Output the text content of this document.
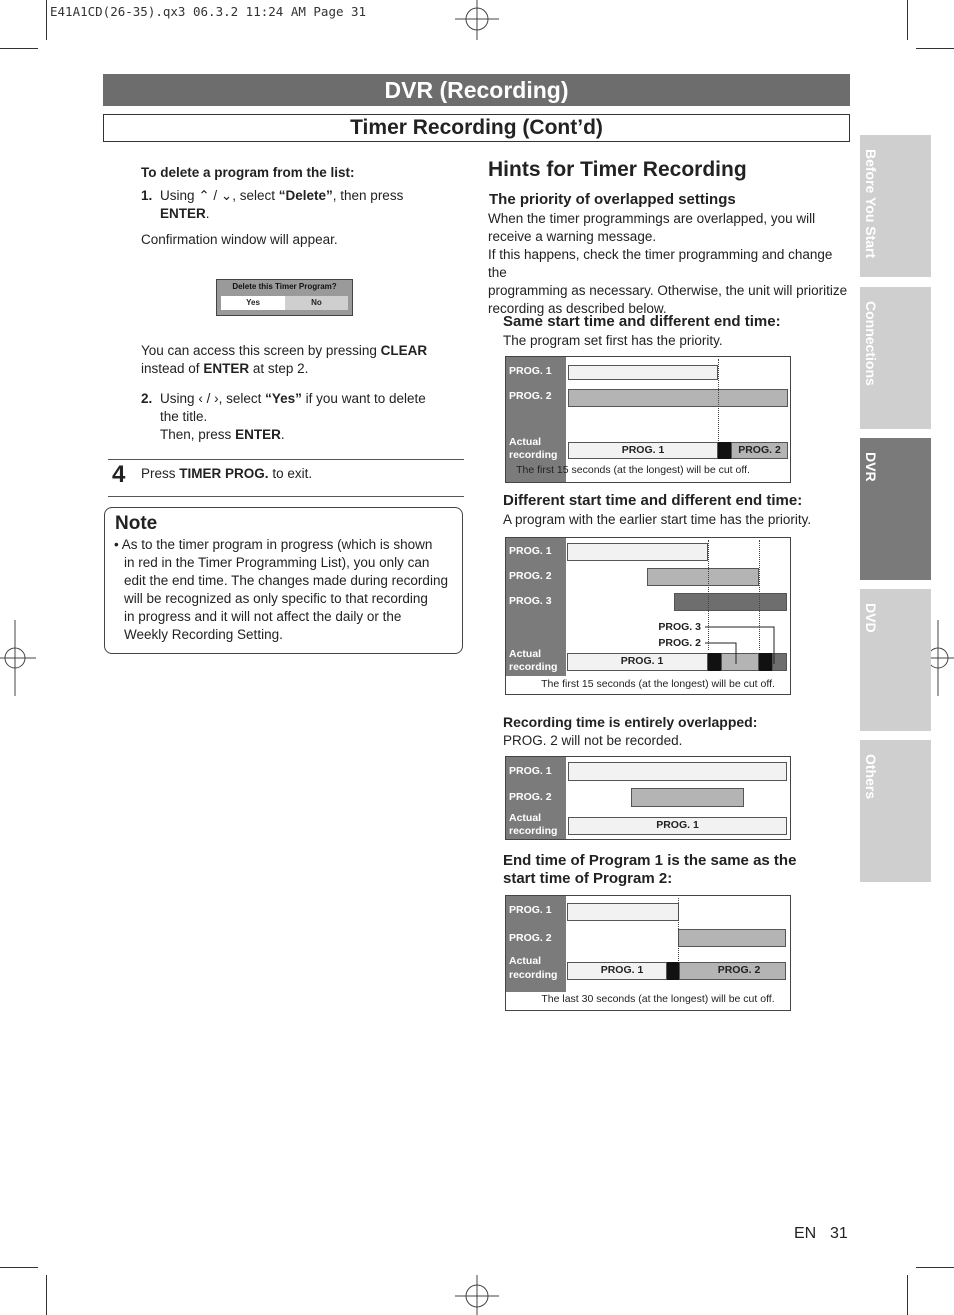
E41A1CD(26-35).qx3 06.3.2 11:24 AM Page 31
DVR (Recording)
Timer Recording (Cont’d)
Before You Start
Connections
DVR
DVD
Others
To delete a program from the list:
1. Using ⌃ / ⌄, select “Delete”, then press
ENTER.
Confirmation window will appear.
Delete this Timer Program?
Yes	No
You can access this screen by pressing CLEAR
instead of ENTER at step 2.
2. Using ‹ / ›, select “Yes” if you want to delete
the title.
Then, press ENTER.
4 Press TIMER PROG. to exit.
Note
• As to the timer program in progress (which is shown
in red in the Timer Programming List), you only can
edit the end time. The changes made during recording
will be recognized as only specific to that recording
in progress and it will not affect the daily or the
Weekly Recording Setting.
Hints for Timer Recording
The priority of overlapped settings
When the timer programmings are overlapped, you will
receive a warning message.
If this happens, check the timer programming and change the
programming as necessary. Otherwise, the unit will prioritize
recording as described below.
Same start time and different end time:
The program set first has the priority.
PROG. 1
PROG. 2
Actual
recording	PROG. 1	PROG. 2
The first 15 seconds (at the longest) will be cut off.
Different start time and different end time:
A program with the earlier start time has the priority.
PROG. 1
PROG. 2
PROG. 3
Actual
recording
PROG. 3
PROG. 2
PROG. 1
The first 15 seconds (at the longest) will be cut off.
Recording time is entirely overlapped:
PROG. 2 will not be recorded.
PROG. 1
PROG. 2
Actual
recording	PROG. 1
End time of Program 1 is the same as the
start time of Program 2:
PROG. 1
PROG. 2
Actual
recording	PROG. 1	PROG. 2
The last 30 seconds (at the longest) will be cut off.
EN 31
